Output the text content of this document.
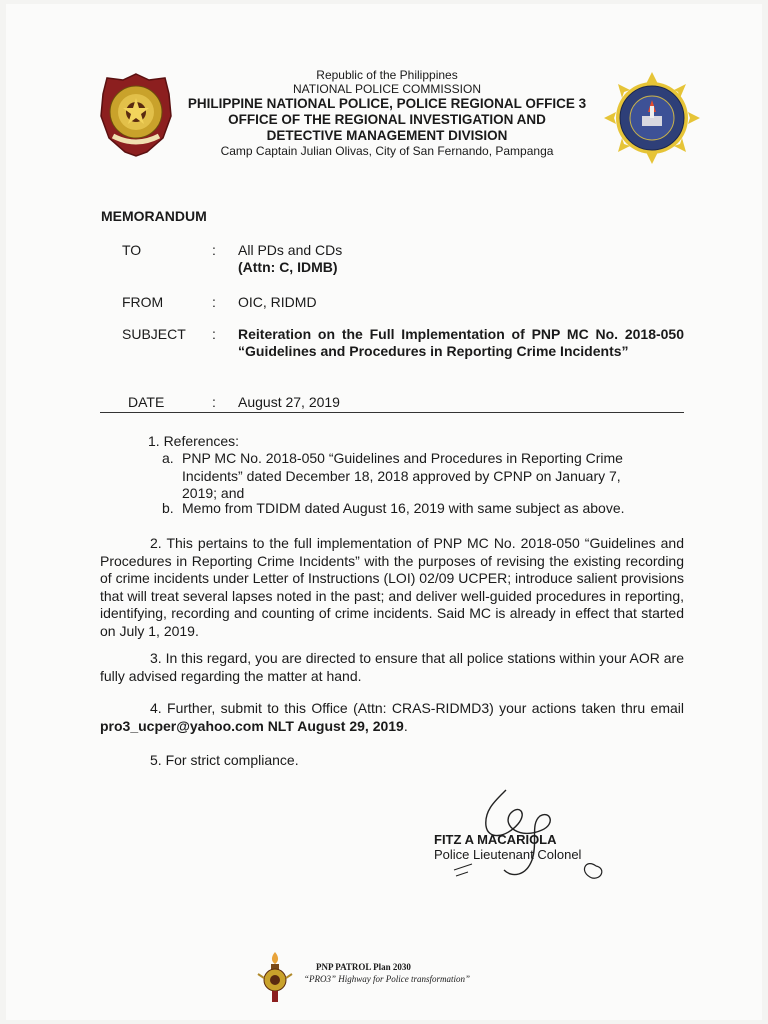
Republic of the Philippines
NATIONAL POLICE COMMISSION
PHILIPPINE NATIONAL POLICE, POLICE REGIONAL OFFICE 3
OFFICE OF THE REGIONAL INVESTIGATION AND
DETECTIVE MANAGEMENT DIVISION
Camp Captain Julian Olivas, City of San Fernando, Pampanga
MEMORANDUM
TO	: All PDs and CDs
(Attn: C, IDMB)
FROM	: OIC, RIDMD
SUBJECT : Reiteration on the Full Implementation of PNP MC No. 2018-050 “Guidelines and Procedures in Reporting Crime Incidents”
DATE	: August 27, 2019
1. References:
a. PNP MC No. 2018-050 “Guidelines and Procedures in Reporting Crime
Incidents” dated December 18, 2018 approved by CPNP on January 7,
2019; and
b. Memo from TDIDM dated August 16, 2019 with same subject as above.
2. This pertains to the full implementation of PNP MC No. 2018-050 “Guidelines and Procedures in Reporting Crime Incidents” with the purposes of revising the existing recording of crime incidents under Letter of Instructions (LOI) 02/09 UCPER; introduce salient provisions that will treat several lapses noted in the past; and deliver well-guided procedures in reporting, identifying, recording and counting of crime incidents. Said MC is already in effect that started on July 1, 2019.
3. In this regard, you are directed to ensure that all police stations within your AOR are fully advised regarding the matter at hand.
4. Further, submit to this Office (Attn: CRAS-RIDMD3) your actions taken thru email pro3_ucper@yahoo.com NLT August 29, 2019.
5. For strict compliance.
FITZ A MACARIOLA
Police Lieutenant Colonel
PNP PATROL Plan 2030
“PRO3” Highway for Police transformation”
